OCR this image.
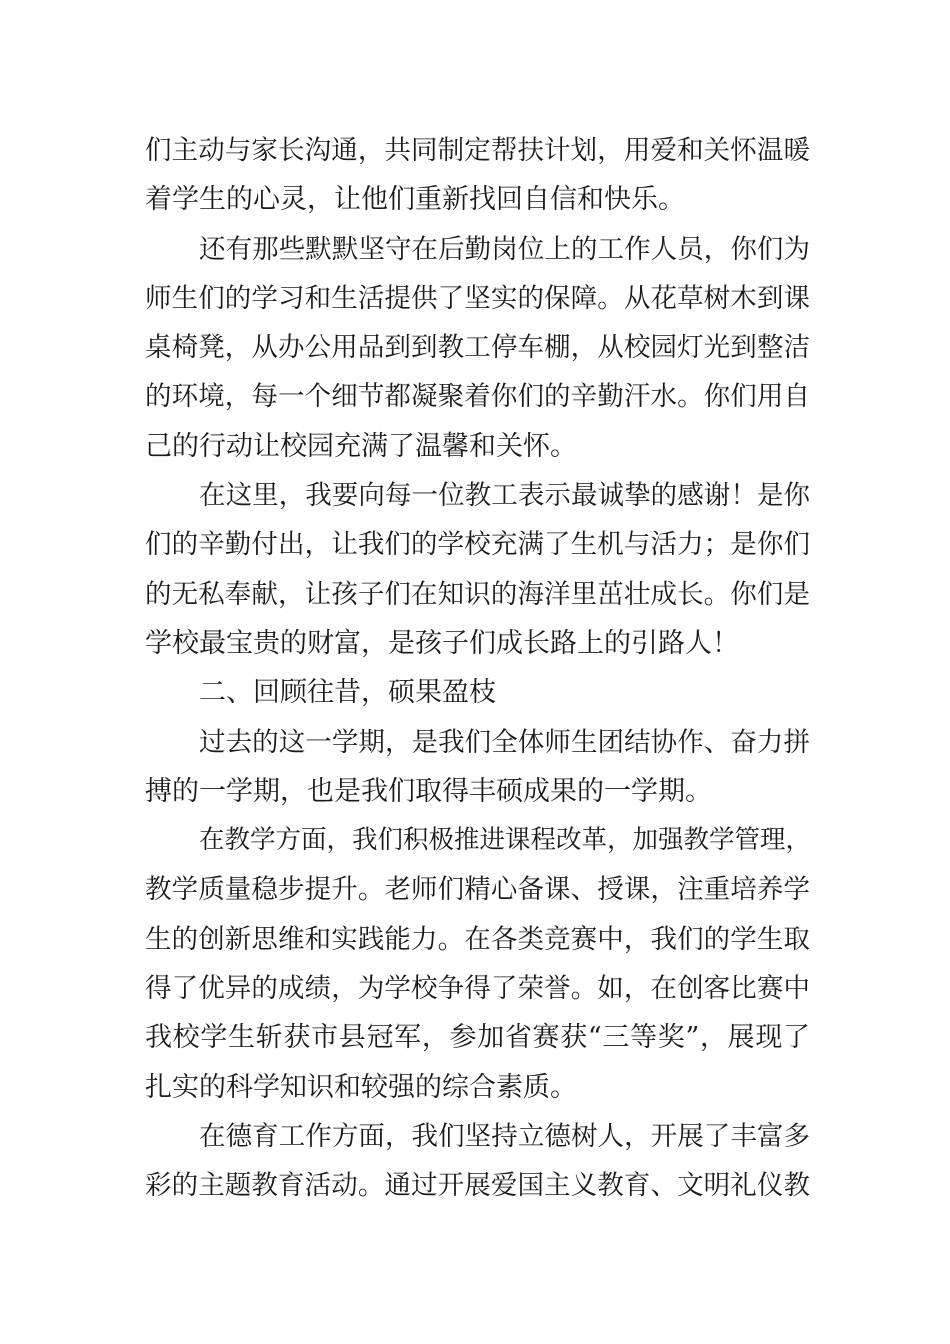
们主动与家长沟通，共同制定帮扶计划，用爱和关怀温暖
着学生的心灵，让他们重新找回自信和快乐。
还有那些默默坚守在后勤岗位上的工作人员，你们为
师生们的学习和生活提供了坚实的保障。从花草树木到课
桌椅凳，从办公用品到到教工停车棚，从校园灯光到整洁
的环境，每一个细节都凝聚着你们的辛勤汗水。你们用自
己的行动让校园充满了温馨和关怀。
在这里，我要向每一位教工表示最诚挚的感谢！是你
们的辛勤付出，让我们的学校充满了生机与活力；是你们
的无私奉献，让孩子们在知识的海洋里茁壮成长。你们是
学校最宝贵的财富，是孩子们成长路上的引路人！
二、回顾往昔，硕果盈枝
过去的这一学期，是我们全体师生团结协作、奋力拼
搏的一学期，也是我们取得丰硕成果的一学期。
在教学方面，我们积极推进课程改革，加强教学管理，
教学质量稳步提升。老师们精心备课、授课，注重培养学
生的创新思维和实践能力。在各类竞赛中，我们的学生取
得了优异的成绩，为学校争得了荣誉。如，在创客比赛中
我校学生斩获市县冠军，参加省赛获“三等奖”，展现了
扎实的科学知识和较强的综合素质。
在德育工作方面，我们坚持立德树人，开展了丰富多
彩的主题教育活动。通过开展爱国主义教育、文明礼仪教
